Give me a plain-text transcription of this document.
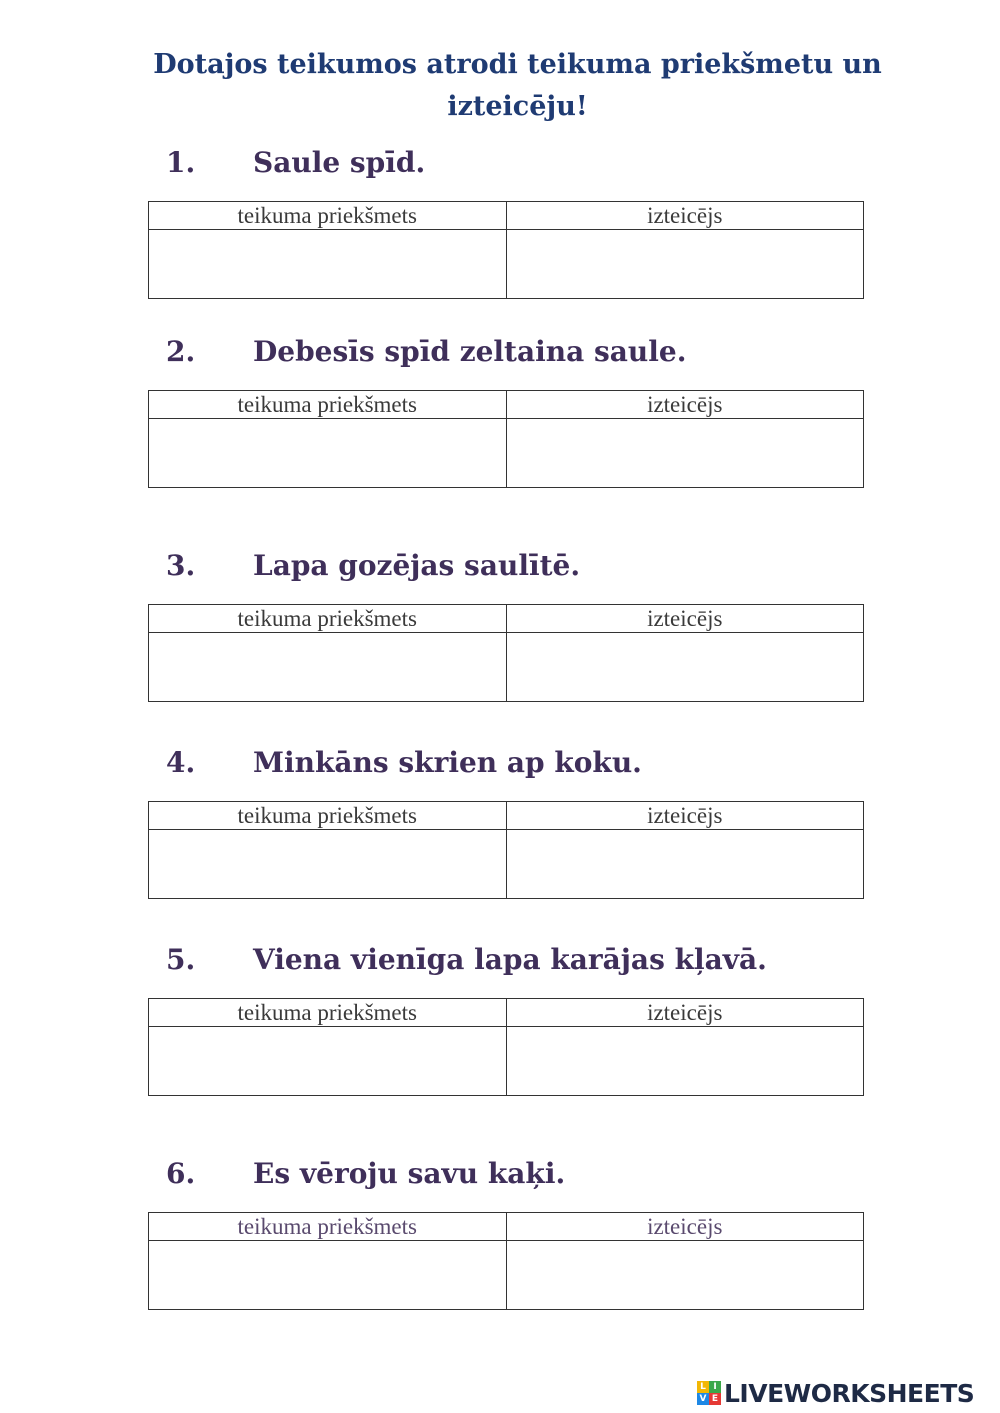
Dotajos teikumos atrodi teikuma priekšmetu un izteicēju!
1. Saule spīd.
teikuma priekšmets	izteicējs

2. Debesīs spīd zeltaina saule.
teikuma priekšmets	izteicējs

3. Lapa gozējas saulītē.
teikuma priekšmets	izteicējs

4. Minkāns skrien ap koku.
teikuma priekšmets	izteicējs

5. Viena vienīga lapa karājas kļavā.
teikuma priekšmets	izteicējs

6. Es vēroju savu kaķi.
teikuma priekšmets	izteicējs

L I
V E LIVEWORKSHEETS
